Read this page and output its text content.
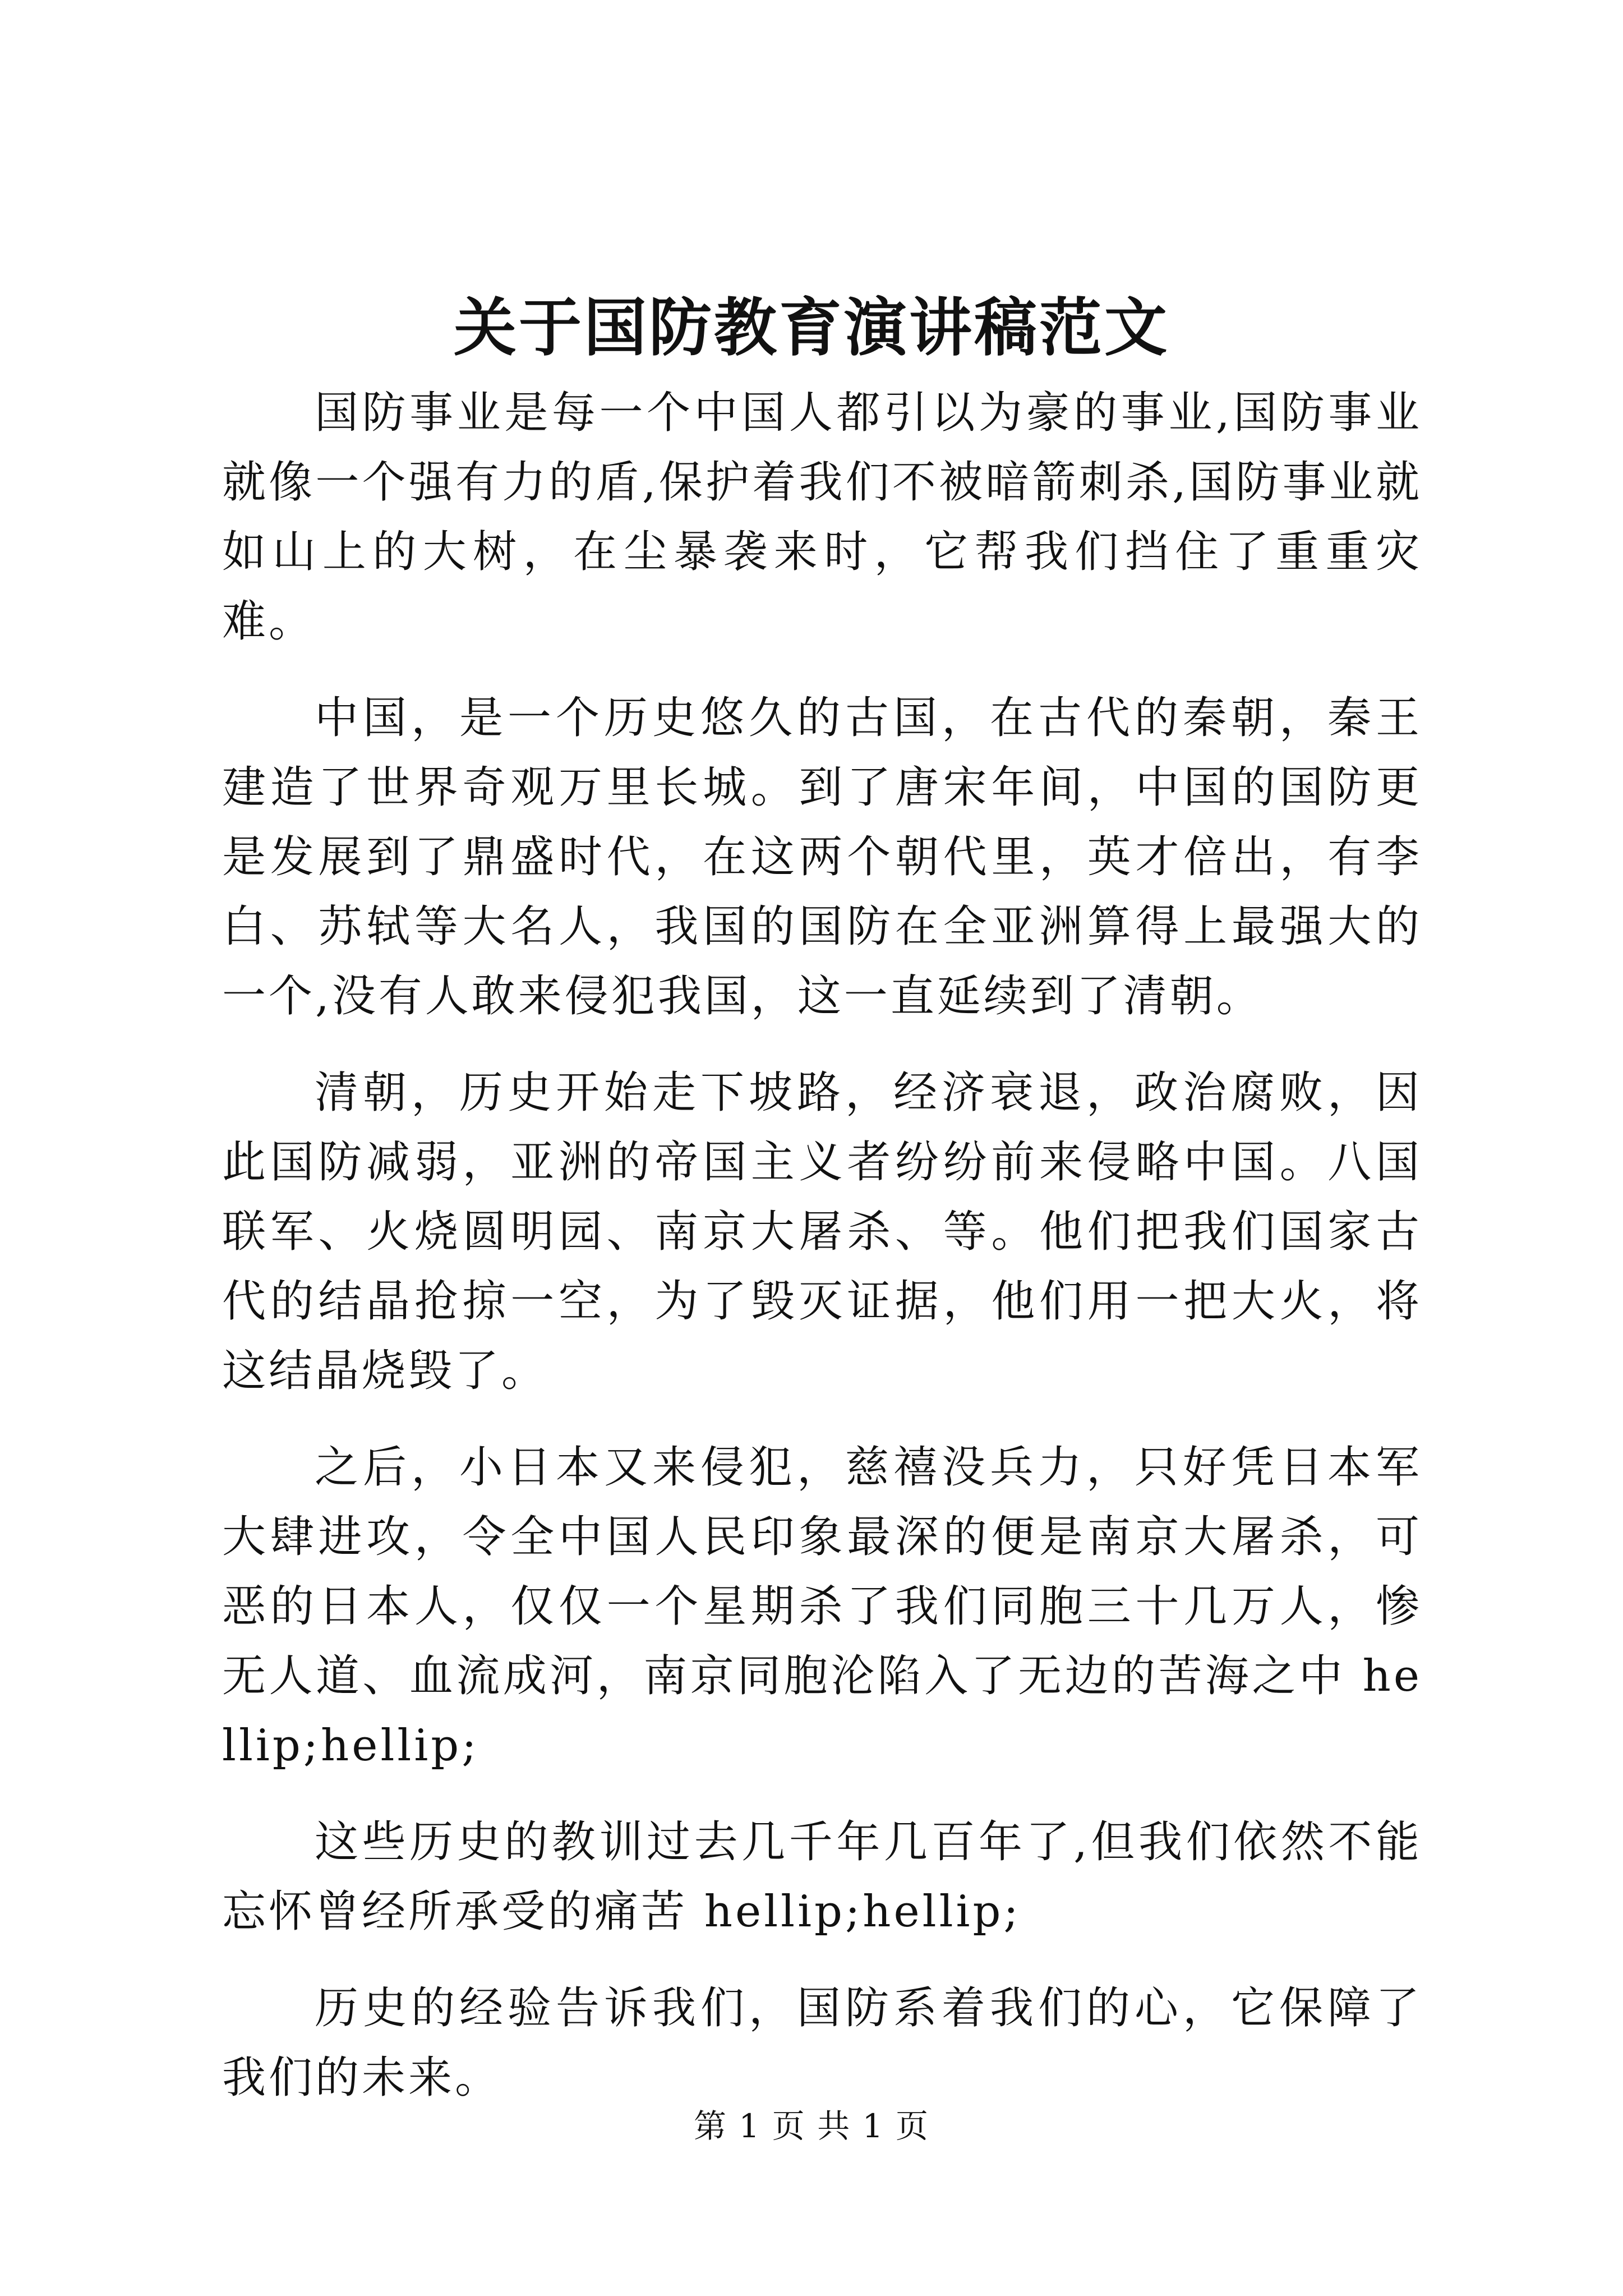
关于国防教育演讲稿范文

国防事业是每一个中国人都引以为豪的事业,国防事业就像一个强有力的盾,保护着我们不被暗箭刺杀,国防事业就如山上的大树，在尘暴袭来时，它帮我们挡住了重重灾难。

中国，是一个历史悠久的古国，在古代的秦朝，秦王建造了世界奇观万里长城。到了唐宋年间，中国的国防更是发展到了鼎盛时代，在这两个朝代里，英才倍出，有李白、苏轼等大名人，我国的国防在全亚洲算得上最强大的一个,没有人敢来侵犯我国，这一直延续到了清朝。

清朝，历史开始走下坡路，经济衰退，政治腐败，因此国防减弱，亚洲的帝国主义者纷纷前来侵略中国。八国联军、火烧圆明园、南京大屠杀、等。他们把我们国家古代的结晶抢掠一空，为了毁灭证据，他们用一把大火，将这结晶烧毁了。

之后，小日本又来侵犯，慈禧没兵力，只好凭日本军大肆进攻，令全中国人民印象最深的便是南京大屠杀，可恶的日本人，仅仅一个星期杀了我们同胞三十几万人，惨无人道、血流成河，南京同胞沦陷入了无边的苦海之中 hellip;hellip;

这些历史的教训过去几千年几百年了,但我们依然不能忘怀曾经所承受的痛苦 hellip;hellip;

历史的经验告诉我们，国防系着我们的心，它保障了我们的未来。

第 1 页 共 1 页
